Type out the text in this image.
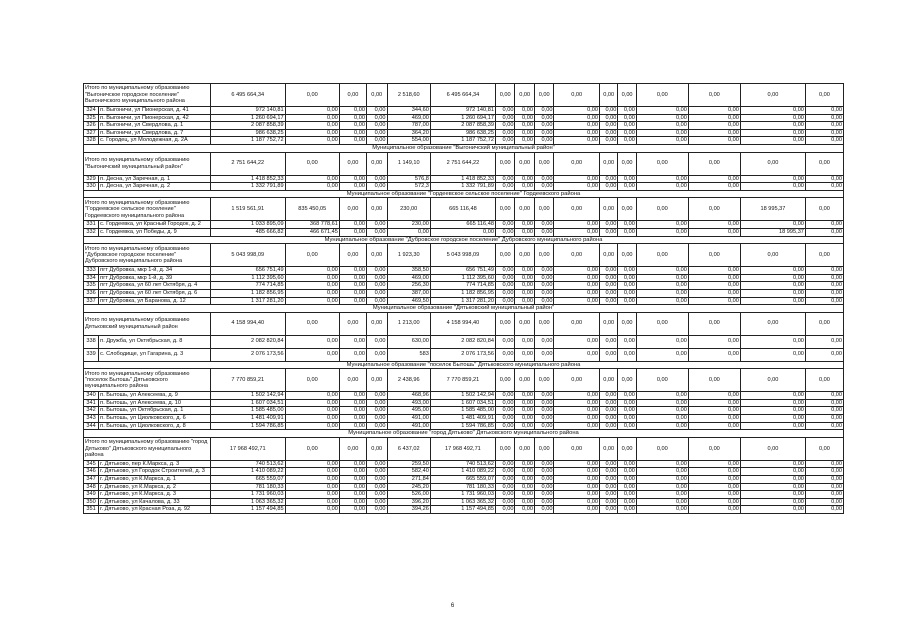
Итого по муниципальному образованию "Выгоничское городское поселение" Выгоничского муниципального района		6 495 664,34	0,00	0,00	0,00	2 518,60	6 495 664,34	0,00	0,00	0,00	0,00	0,00	0,00	0,00	0,00	0,00	0,00
324	п. Выгоничи, ул Пионерская, д. 41	972 140,81	0,00	0,00	0,00	344,60	972 140,81	0,00	0,00	0,00	0,00	0,00	0,00	0,00	0,00	0,00	0,00
325	п. Выгоничи, ул Пионерская, д. 42	1 260 694,17	0,00	0,00	0,00	469,00	1 260 694,17	0,00	0,00	0,00	0,00	0,00	0,00	0,00	0,00	0,00	0,00
326	п. Выгоничи, ул Свердлова, д. 1	2 087 858,39	0,00	0,00	0,00	787,00	2 087 858,39	0,00	0,00	0,00	0,00	0,00	0,00	0,00	0,00	0,00	0,00
327	п. Выгоничи, ул Свердлова, д. 7	986 638,25	0,00	0,00	0,00	364,20	986 638,25	0,00	0,00	0,00	0,00	0,00	0,00	0,00	0,00	0,00	0,00
328	с. Городец, ул Молодежная, д. 2А	1 187 752,72	0,00	0,00	0,00	554,00	1 187 752,72	0,00	0,00	0,00	0,00	0,00	0,00	0,00	0,00	0,00	0,00
Муниципальное образование "Выгоничский муниципальный район"																	
Итого по муниципальному образованию "Выгоничский муниципальный район"		2 751 644,22	0,00	0,00	0,00	1 149,10	2 751 644,22	0,00	0,00	0,00	0,00	0,00	0,00	0,00	0,00	0,00	0,00
329	п. Десна, ул Заречная, д. 1	1 418 852,33	0,00	0,00	0,00	576,8	1 418 852,33	0,00	0,00	0,00	0,00	0,00	0,00	0,00	0,00	0,00	0,00
330	п. Десна, ул Заречная, д. 2	1 332 791,89	0,00	0,00	0,00	572,3	1 332 791,89	0,00	0,00	0,00	0,00	0,00	0,00	0,00	0,00	0,00	0,00
Муниципальное образование "Гордеевское сельское поселение" Гордеевского района																	
Итого по муниципальному образованию "Гордеевское сельское поселение" Гордеевского муниципального района		1 519 561,91	835 450,05	0,00	0,00	230,00	665 116,48	0,00	0,00	0,00	0,00	0,00	0,00	0,00	0,00	18 995,37	0,00
331	с. Гордеевка, ул Красный Городок, д. 2	1 033 895,09	368 778,61	0,00	0,00	230,00	665 116,48	0,00	0,00	0,00	0,00	0,00	0,00	0,00	0,00	0,00	0,00
332	с. Гордеевка, ул Победы, д. 9	485 666,82	466 671,45	0,00	0,00	0,00	0,00	0,00	0,00	0,00	0,00	0,00	0,00	0,00	0,00	18 995,37	0,00
Муниципальное образование "Дубровское городское поселение" Дубровского муниципального района																	
Итого по муниципальному образованию "Дубровское городское поселение" Дубровского муниципального района		5 043 998,09	0,00	0,00	0,00	1 923,30	5 043 998,09	0,00	0,00	0,00	0,00	0,00	0,00	0,00	0,00	0,00	0,00
333	пгт Дубровка, мкр 1-й, д. 34	656 751,49	0,00	0,00	0,00	358,50	656 751,49	0,00	0,00	0,00	0,00	0,00	0,00	0,00	0,00	0,00	0,00
334	пгт Дубровка, мкр 1-й, д. 39	1 112 395,60	0,00	0,00	0,00	469,00	1 112 395,60	0,00	0,00	0,00	0,00	0,00	0,00	0,00	0,00	0,00	0,00
335	пгт Дубровка, ул 60 лет Октября, д. 4	774 714,85	0,00	0,00	0,00	256,30	774 714,85	0,00	0,00	0,00	0,00	0,00	0,00	0,00	0,00	0,00	0,00
336	пгт Дубровка, ул 60 лет Октября, д. 6	1 182 856,95	0,00	0,00	0,00	387,00	1 182 856,95	0,00	0,00	0,00	0,00	0,00	0,00	0,00	0,00	0,00	0,00
337	пгт Дубровка, ул Баранова, д. 12	1 317 281,20	0,00	0,00	0,00	469,50	1 317 281,20	0,00	0,00	0,00	0,00	0,00	0,00	0,00	0,00	0,00	0,00
Муниципальное образование "Дятьковский муниципальный район"																	
Итого по муниципальному образованию Дятьковский муниципальный район		4 158 994,40	0,00	0,00	0,00	1 213,00	4 158 994,40	0,00	0,00	0,00	0,00	0,00	0,00	0,00	0,00	0,00	0,00
338	п. Дружба, ул Октябрьская, д. 8	2 082 820,84	0,00	0,00	0,00	630,00	2 082 820,84	0,00	0,00	0,00	0,00	0,00	0,00	0,00	0,00	0,00	0,00
339	с. Слободище, ул Гагарина, д. 3	2 076 173,56	0,00	0,00	0,00	583	2 076 173,56	0,00	0,00	0,00	0,00	0,00	0,00	0,00	0,00	0,00	0,00
Муниципальное образование "поселок Бытошь" Дятьковского муниципального района																	
Итого по муниципальному образованию "поселок Бытошь" Дятьковского муниципального района		7 770 859,21	0,00	0,00	0,00	2 438,96	7 770 859,21	0,00	0,00	0,00	0,00	0,00	0,00	0,00	0,00	0,00	0,00
340	п. Бытошь, ул Алексеева, д. 9	1 502 142,94	0,00	0,00	0,00	468,96	1 502 142,94	0,00	0,00	0,00	0,00	0,00	0,00	0,00	0,00	0,00	0,00
341	п. Бытошь, ул Алексеева, д. 10	1 607 034,51	0,00	0,00	0,00	493,00	1 607 034,51	0,00	0,00	0,00	0,00	0,00	0,00	0,00	0,00	0,00	0,00
342	п. Бытошь, ул Октябрьская, д. 1	1 585 485,00	0,00	0,00	0,00	495,00	1 585 485,00	0,00	0,00	0,00	0,00	0,00	0,00	0,00	0,00	0,00	0,00
343	п. Бытошь, ул Циолковского, д. 6	1 481 409,91	0,00	0,00	0,00	491,00	1 481 409,91	0,00	0,00	0,00	0,00	0,00	0,00	0,00	0,00	0,00	0,00
344	п. Бытошь, ул Циолковского, д. 8	1 594 786,85	0,00	0,00	0,00	491,00	1 594 786,85	0,00	0,00	0,00	0,00	0,00	0,00	0,00	0,00	0,00	0,00
Муниципальное образование "город Дятьково" Дятьковского муниципального района																	
Итого по муниципальному образованию "город Дятьково" Дятьковского муниципального района		17 968 492,71	0,00	0,00	0,00	6 437,02	17 968 492,71	0,00	0,00	0,00	0,00	0,00	0,00	0,00	0,00	0,00	0,00
345	г. Дятьково, пер К.Маркса, д. 3	740 513,62	0,00	0,00	0,00	259,50	740 513,62	0,00	0,00	0,00	0,00	0,00	0,00	0,00	0,00	0,00	0,00
346	г. Дятьково, ул Городок Строителей, д. 3	1 410 089,22	0,00	0,00	0,00	582,40	1 410 089,22	0,00	0,00	0,00	0,00	0,00	0,00	0,00	0,00	0,00	0,00
347	г. Дятьково, ул К.Маркса, д. 1	665 559,07	0,00	0,00	0,00	271,84	665 559,07	0,00	0,00	0,00	0,00	0,00	0,00	0,00	0,00	0,00	0,00
348	г. Дятьково, ул К.Маркса, д. 2	781 180,33	0,00	0,00	0,00	245,20	781 180,33	0,00	0,00	0,00	0,00	0,00	0,00	0,00	0,00	0,00	0,00
349	г. Дятьково, ул К.Маркса, д. 3	1 731 960,03	0,00	0,00	0,00	526,00	1 731 960,03	0,00	0,00	0,00	0,00	0,00	0,00	0,00	0,00	0,00	0,00
350	г. Дятьково, ул Качалова, д. 33	1 063 365,32	0,00	0,00	0,00	396,20	1 063 365,32	0,00	0,00	0,00	0,00	0,00	0,00	0,00	0,00	0,00	0,00
351	г. Дятьково, ул Красная Роза, д. 92	1 157 494,85	0,00	0,00	0,00	394,26	1 157 494,85	0,00	0,00	0,00	0,00	0,00	0,00	0,00	0,00	0,00	0,00
6
